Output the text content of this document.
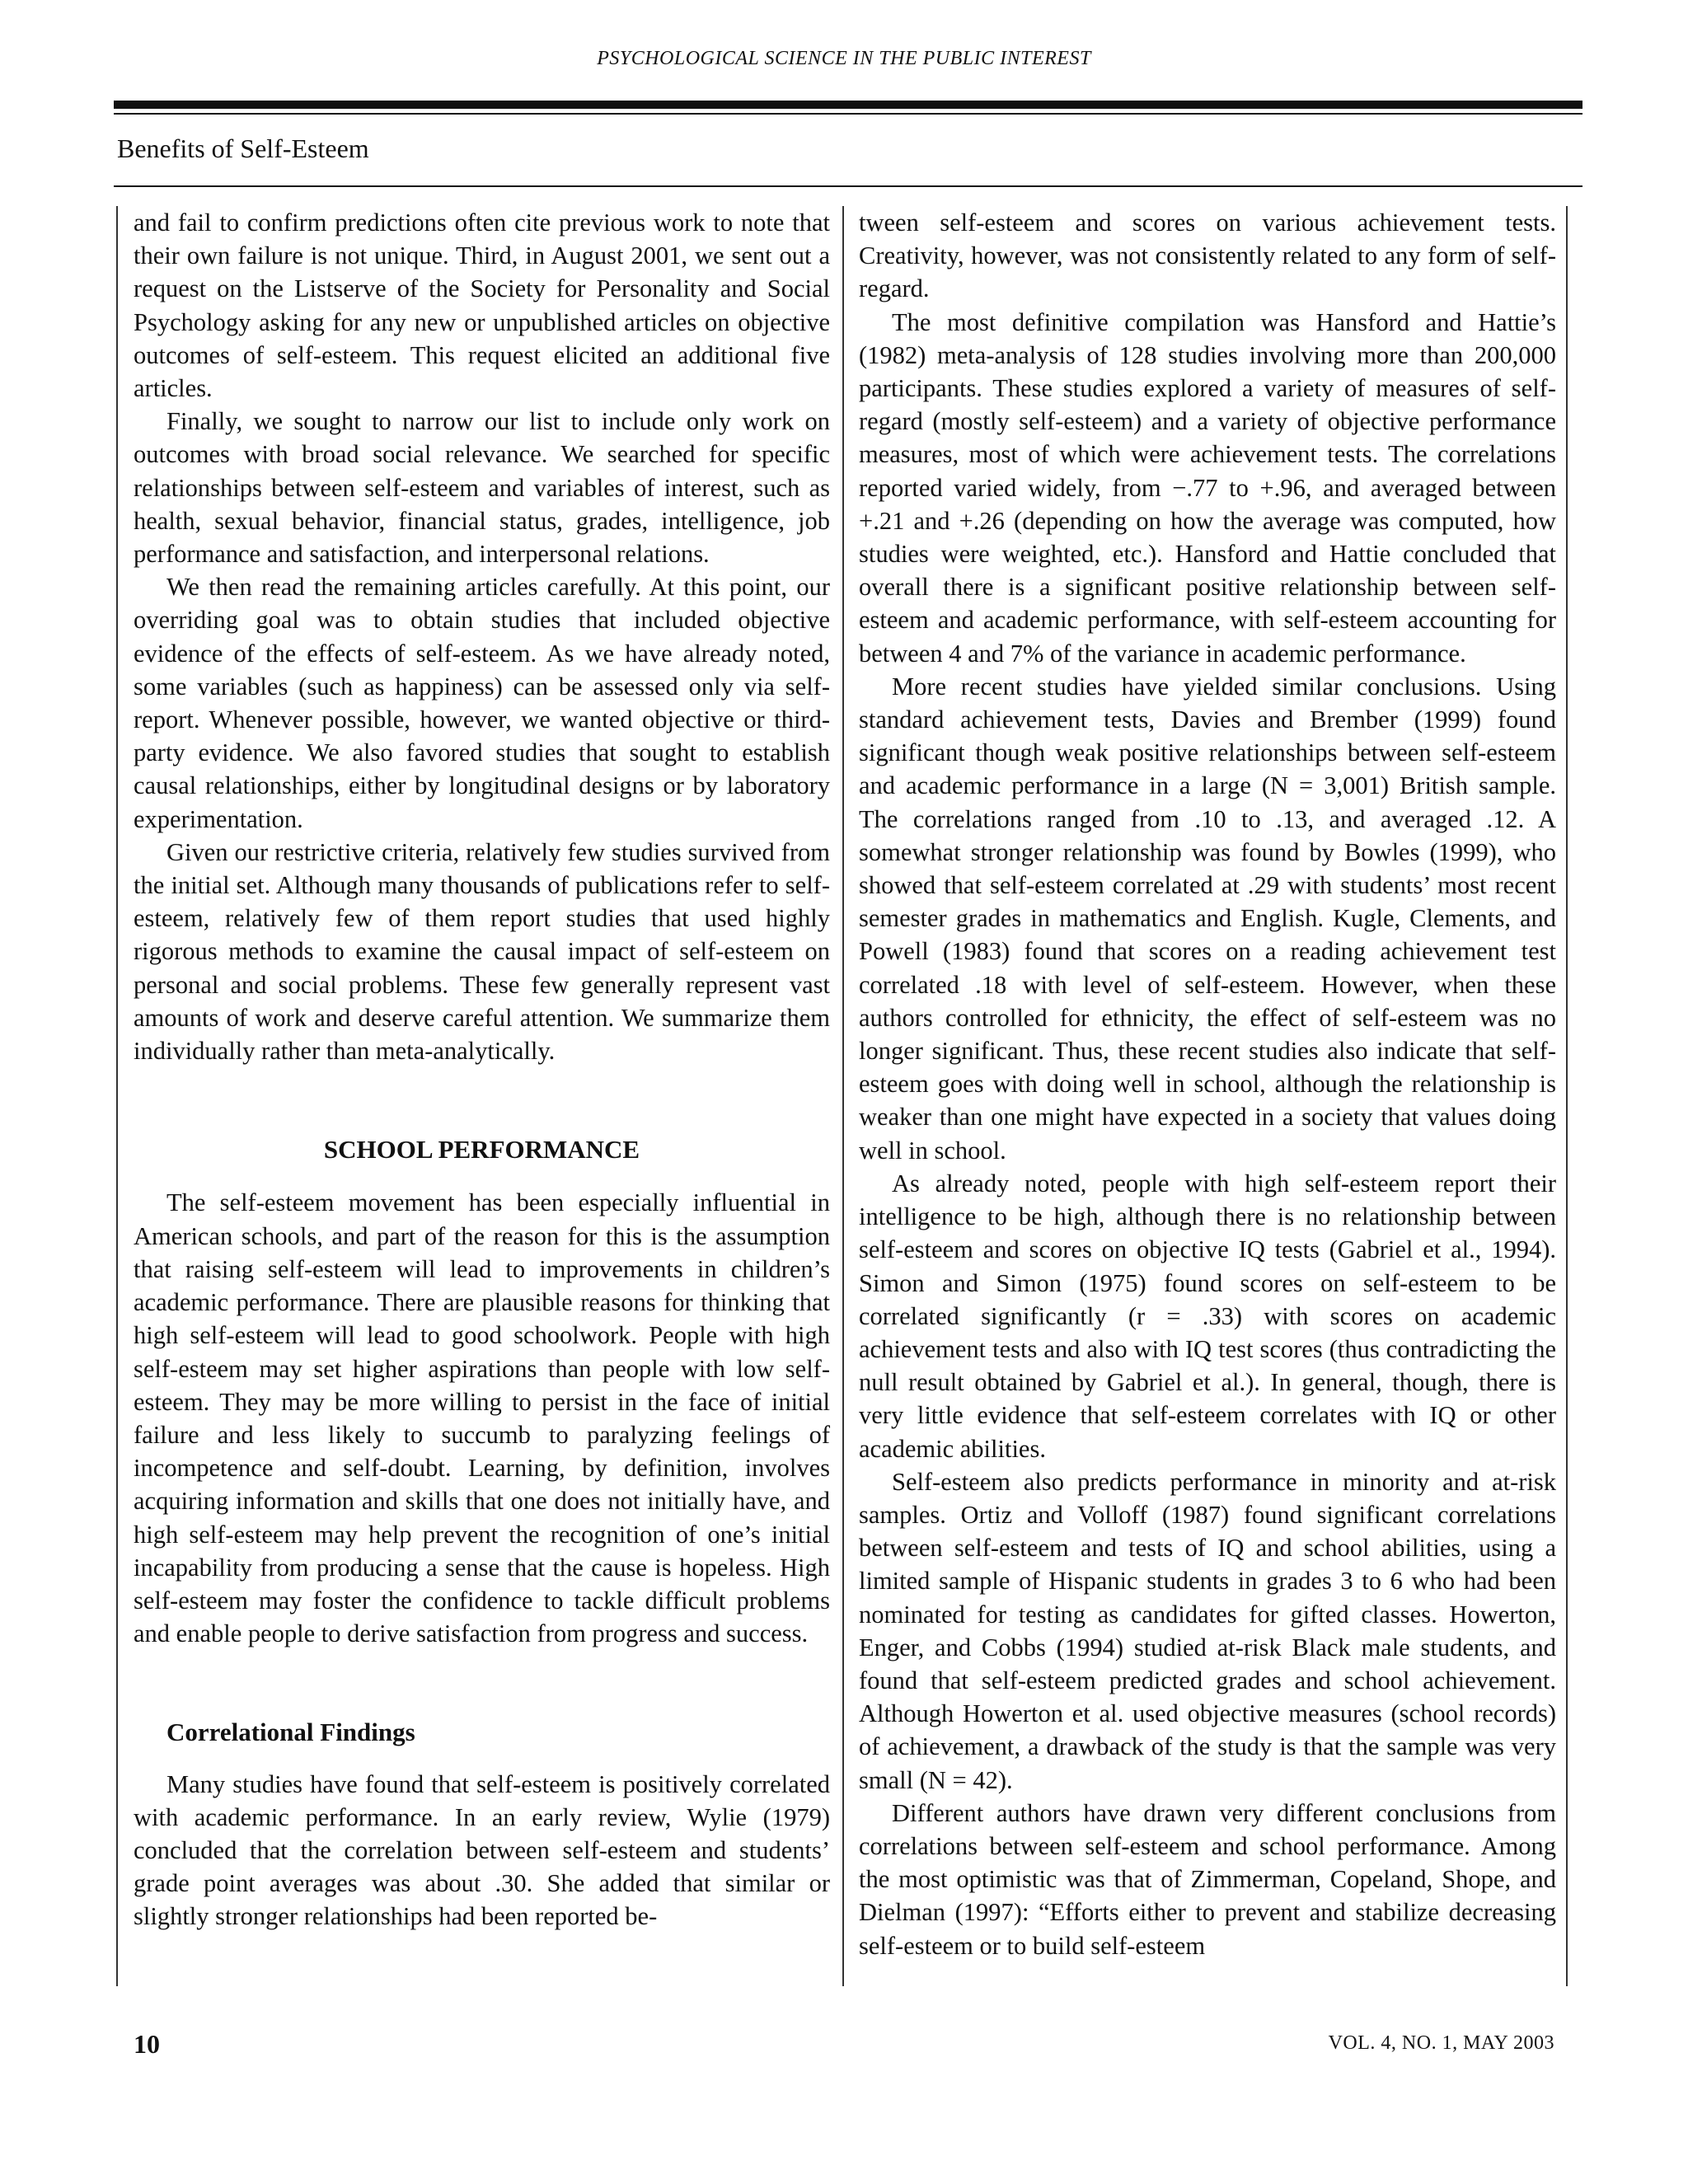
PSYCHOLOGICAL SCIENCE IN THE PUBLIC INTEREST
Benefits of Self-Esteem

and fail to confirm predictions often cite previous work to note that their own failure is not unique. Third, in August 2001, we sent out a request on the Listserve of the Society for Personality and Social Psychology asking for any new or unpublished articles on objective outcomes of self-esteem. This request elicited an additional five articles.

Finally, we sought to narrow our list to include only work on outcomes with broad social relevance. We searched for specific relationships between self-esteem and variables of interest, such as health, sexual behavior, financial status, grades, intelligence, job performance and satisfaction, and interpersonal relations.

We then read the remaining articles carefully. At this point, our overriding goal was to obtain studies that included objective evidence of the effects of self-esteem. As we have already noted, some variables (such as happiness) can be assessed only via self-report. Whenever possible, however, we wanted objective or third-party evidence. We also favored studies that sought to establish causal relationships, either by longitudinal designs or by laboratory experimentation.

Given our restrictive criteria, relatively few studies survived from the initial set. Although many thousands of publications refer to self-esteem, relatively few of them report studies that used highly rigorous methods to examine the causal impact of self-esteem on personal and social problems. These few generally represent vast amounts of work and deserve careful attention. We summarize them individually rather than meta-analytically.

SCHOOL PERFORMANCE

The self-esteem movement has been especially influential in American schools, and part of the reason for this is the assumption that raising self-esteem will lead to improvements in children’s academic performance. There are plausible reasons for thinking that high self-esteem will lead to good schoolwork. People with high self-esteem may set higher aspirations than people with low self-esteem. They may be more willing to persist in the face of initial failure and less likely to succumb to paralyzing feelings of incompetence and self-doubt. Learning, by definition, involves acquiring information and skills that one does not initially have, and high self-esteem may help prevent the recognition of one’s initial incapability from producing a sense that the cause is hopeless. High self-esteem may foster the confidence to tackle difficult problems and enable people to derive satisfaction from progress and success.

Correlational Findings

Many studies have found that self-esteem is positively correlated with academic performance. In an early review, Wylie (1979) concluded that the correlation between self-esteem and students’ grade point averages was about .30. She added that similar or slightly stronger relationships had been reported be-

tween self-esteem and scores on various achievement tests. Creativity, however, was not consistently related to any form of self-regard.

The most definitive compilation was Hansford and Hattie’s (1982) meta-analysis of 128 studies involving more than 200,000 participants. These studies explored a variety of measures of self-regard (mostly self-esteem) and a variety of objective performance measures, most of which were achievement tests. The correlations reported varied widely, from −.77 to +.96, and averaged between +.21 and +.26 (depending on how the average was computed, how studies were weighted, etc.). Hansford and Hattie concluded that overall there is a significant positive relationship between self-esteem and academic performance, with self-esteem accounting for between 4 and 7% of the variance in academic performance.

More recent studies have yielded similar conclusions. Using standard achievement tests, Davies and Brember (1999) found significant though weak positive relationships between self-esteem and academic performance in a large (N = 3,001) British sample. The correlations ranged from .10 to .13, and averaged .12. A somewhat stronger relationship was found by Bowles (1999), who showed that self-esteem correlated at .29 with students’ most recent semester grades in mathematics and English. Kugle, Clements, and Powell (1983) found that scores on a reading achievement test correlated .18 with level of self-esteem. However, when these authors controlled for ethnicity, the effect of self-esteem was no longer significant. Thus, these recent studies also indicate that self-esteem goes with doing well in school, although the relationship is weaker than one might have expected in a society that values doing well in school.

As already noted, people with high self-esteem report their intelligence to be high, although there is no relationship between self-esteem and scores on objective IQ tests (Gabriel et al., 1994). Simon and Simon (1975) found scores on self-esteem to be correlated significantly (r = .33) with scores on academic achievement tests and also with IQ test scores (thus contradicting the null result obtained by Gabriel et al.). In general, though, there is very little evidence that self-esteem correlates with IQ or other academic abilities.

Self-esteem also predicts performance in minority and at-risk samples. Ortiz and Volloff (1987) found significant correlations between self-esteem and tests of IQ and school abilities, using a limited sample of Hispanic students in grades 3 to 6 who had been nominated for testing as candidates for gifted classes. Howerton, Enger, and Cobbs (1994) studied at-risk Black male students, and found that self-esteem predicted grades and school achievement. Although Howerton et al. used objective measures (school records) of achievement, a drawback of the study is that the sample was very small (N = 42).

Different authors have drawn very different conclusions from correlations between self-esteem and school performance. Among the most optimistic was that of Zimmerman, Copeland, Shope, and Dielman (1997): “Efforts either to prevent and stabilize decreasing self-esteem or to build self-esteem

10	VOL. 4, NO. 1, MAY 2003
